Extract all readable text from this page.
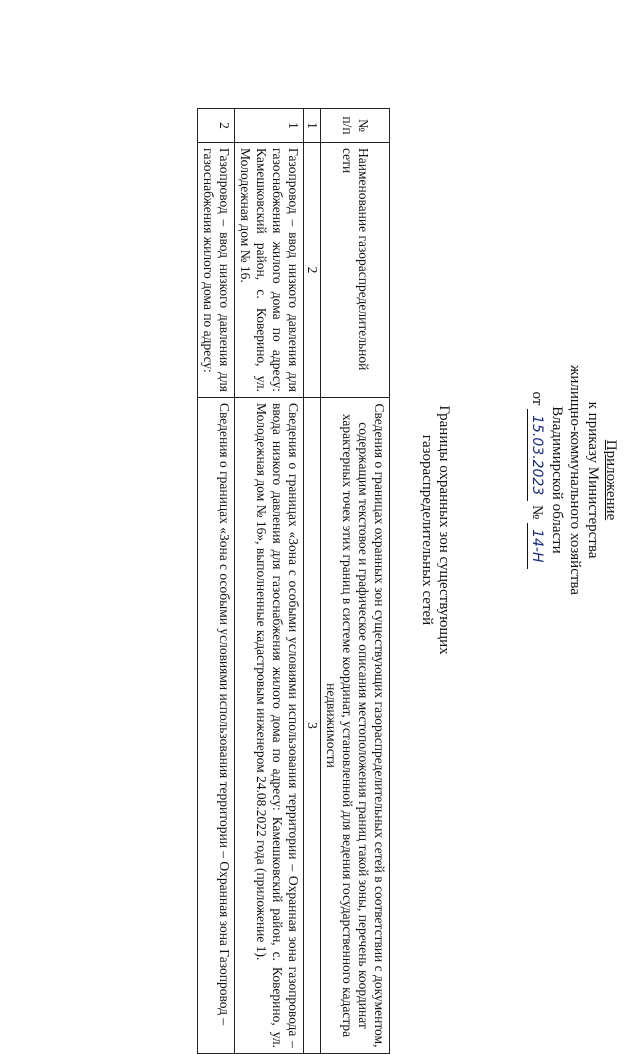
Приложение
к приказу Министерства
жилищно-коммунального хозяйства
Владимирской области
от 15.03.2023 № 14-H
Границы охранных зон существующих
газораспределительных сетей
№ п/п	Наименование газораспределительной сети	Сведения о границах охранных зон существующих газораспределительных сетей в соответствии с документом, содержащим текстовое и графическое описания местоположения границ такой зоны, перечень координат характерных точек этих границ в системе координат, установленной для ведения государственного кадастра недвижимости
1	2	3
1	Газопровод – ввод низкого давления для газоснабжения жилого дома по адресу: Камешковский район, с. Коверино, ул. Молодежная дом № 16.	Сведения о границах «Зона с особыми условиями использования территории – Охранная зона газопровода – ввода низкого давления для газоснабжения жилого дома по адресу: Камешковский район, с. Коверино, ул. Молодежная дом № 16», выполненные кадастровым инженером 24.08.2022 года (приложение 1).
2	Газопровод – ввод низкого давления для газоснабжения жилого дома по адресу:	Сведения о границах «Зона с особыми условиями использования территории – Охранная зона Газопровод –
